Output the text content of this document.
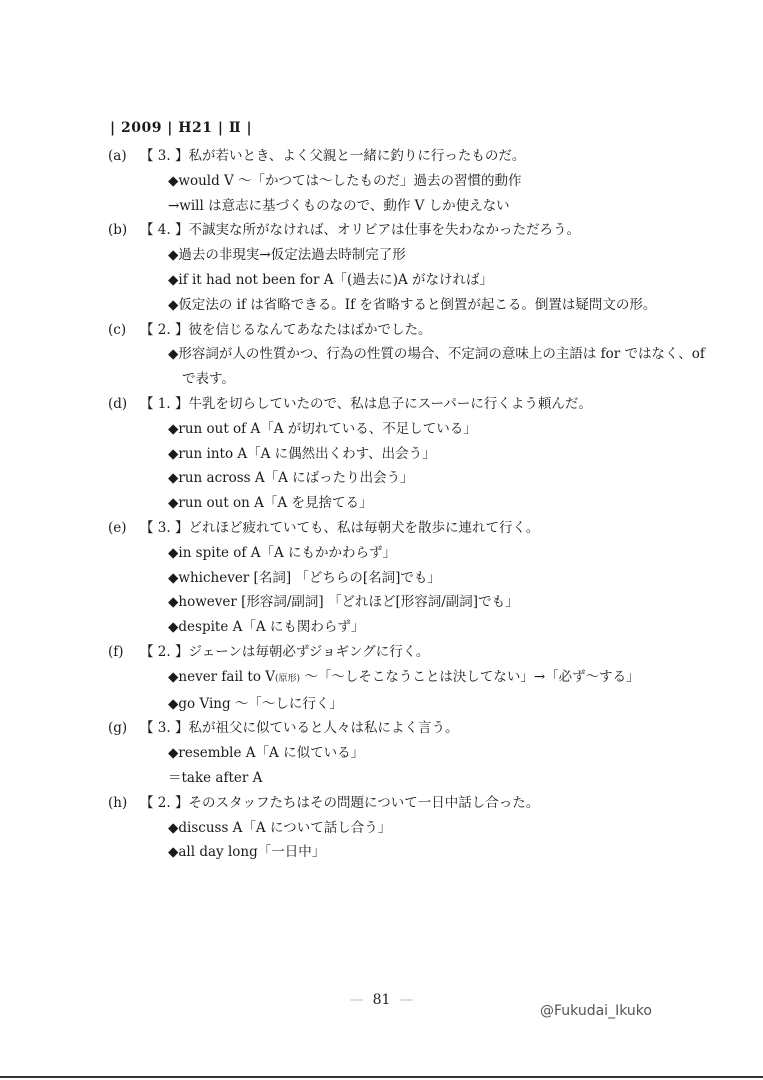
| 2009 | H21 | Ⅱ |
(a) 【 3. 】私が若いとき、よく父親と一緒に釣りに行ったものだ。
◆would V ～「かつては～したものだ」過去の習慣的動作
→will は意志に基づくものなので、動作 V しか使えない
(b) 【 4. 】不誠実な所がなければ、オリビアは仕事を失わなかっただろう。
◆過去の非現実→仮定法過去時制完了形
◆if it had not been for A「(過去に)A がなければ」
◆仮定法の if は省略できる。If を省略すると倒置が起こる。倒置は疑問文の形。
(c) 【 2. 】彼を信じるなんてあなたはばかでした。
◆形容詞が人の性質かつ、行為の性質の場合、不定詞の意味上の主語は for ではなく、of で表す。
(d) 【 1. 】牛乳を切らしていたので、私は息子にスーパーに行くよう頼んだ。
◆run out of A「A が切れている、不足している」
◆run into A「A に偶然出くわす、出会う」
◆run across A「A にばったり出会う」
◆run out on A「A を見捨てる」
(e) 【 3. 】どれほど疲れていても、私は毎朝犬を散歩に連れて行く。
◆in spite of A「A にもかかわらず」
◆whichever [名詞] 「どちらの[名詞]でも」
◆however [形容詞/副詞] 「どれほど[形容詞/副詞]でも」
◆despite A「A にも関わらず」
(f) 【 2. 】ジェーンは毎朝必ずジョギングに行く。
◆never fail to V(原形) ～「～しそこなうことは決してない」→「必ず～する」
◆go Ving ～「～しに行く」
(g) 【 3. 】私が祖父に似ていると人々は私によく言う。
◆resemble A「A に似ている」
＝take after A
(h) 【 2. 】そのスタッフたちはその問題について一日中話し合った。
◆discuss A「A について話し合う」
◆all day long「一日中」
— 81 —
@Fukudai_Ikuko
